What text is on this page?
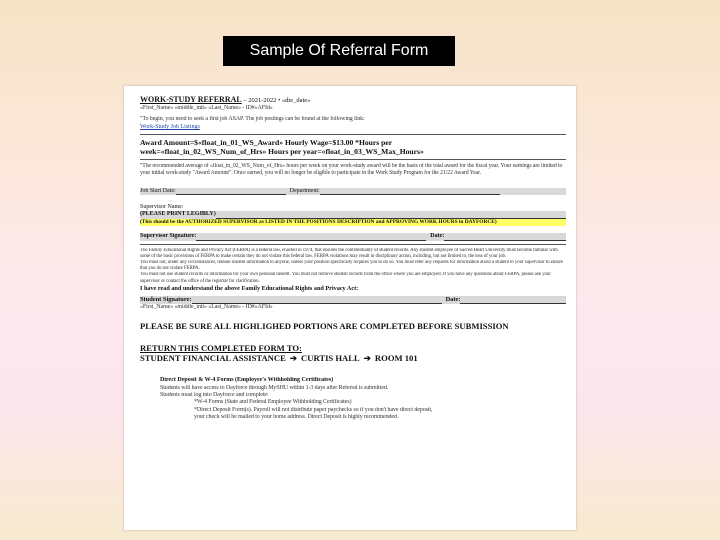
Sample Of Referral Form
WORK-STUDY REFERRAL – 2021-2022 • «dte_date»
«First_Name» «middle_init» «Last_Name» - ID#«AFId»
"To begin, you need to seek a first job ASAP. The job postings can be found at the following link:
Work-Study Job Listings
Award Amount=$«float_in_01_WS_Award» Hourly Wage=$13.00 *Hours per
week=«float_in_02_WS_Num_of_Hrs» Hours per year=«float_in_03_WS_Max_Hours»
"The recommended average of «float_in_02_WS_Num_of_Hrs» hours per week on your work-study award will be the basis of the total award for the fiscal year. Your earnings are limited to your initial work-study "Award Amount". Once earned, you will no longer be eligible to participate in the Work Study Program for the 21/22 Award Year.
Job Start Date:	Department:
Supervisor Name:
(PLEASE PRINT LEGIBLY)
(This should be the AUTHORIZED SUPERVISOR as LISTED IN THE POSITIONS DESCRIPTION and APPROVING WORK HOURS in DAYFORCE)
Supervisor Signature:	Date:
The Family Educational Rights and Privacy Act (FERPA) is a federal law, enacted in 1974, that ensures the confidentiality of student records. Any student employee of Sacred Heart University must become familiar with some of the basic provisions of FERPA to make certain they do not violate this federal law. FERPA violations may result in disciplinary action, including, but not limited to, the loss of your job.
You must not, under any circumstances, release student information to anyone, unless your position specifically requires you to do so. You must refer any requests for information about a student to your supervisor to ensure that you do not violate FERPA.
You must not use student records or information for your own personal benefit. You must not remove student records from the office where you are employed. If you have any questions about FERPA, please ask your supervisor or contact the office of the registrar for clarification.
I have read and understand the above Family Educational Rights and Privacy Act:
Student Signature:	Date:
«First_Name» «middle_init» «Last_Name» - ID#«AFId»
PLEASE BE SURE ALL HIGHLIGHED PORTIONS ARE COMPLETED BEFORE SUBMISSION
RETURN THIS COMPLETED FORM TO:
STUDENT FINANCIAL ASSISTANCE ➔ CURTIS HALL ➔ ROOM 101
Direct Deposit & W-4 Forms (Employee's Withholding Certificates)
Students will have access to Dayforce through MySHU within 1-3 days after Referral is submitted.
Students must log into Dayforce and complete:
*W-4 Forms (State and Federal Employee Withholding Certificates)
*Direct Deposit Form(s). Payroll will not distribute paper paychecks so if you don't have direct deposit,
your check will be mailed to your home address. Direct Deposit is highly recommended.
